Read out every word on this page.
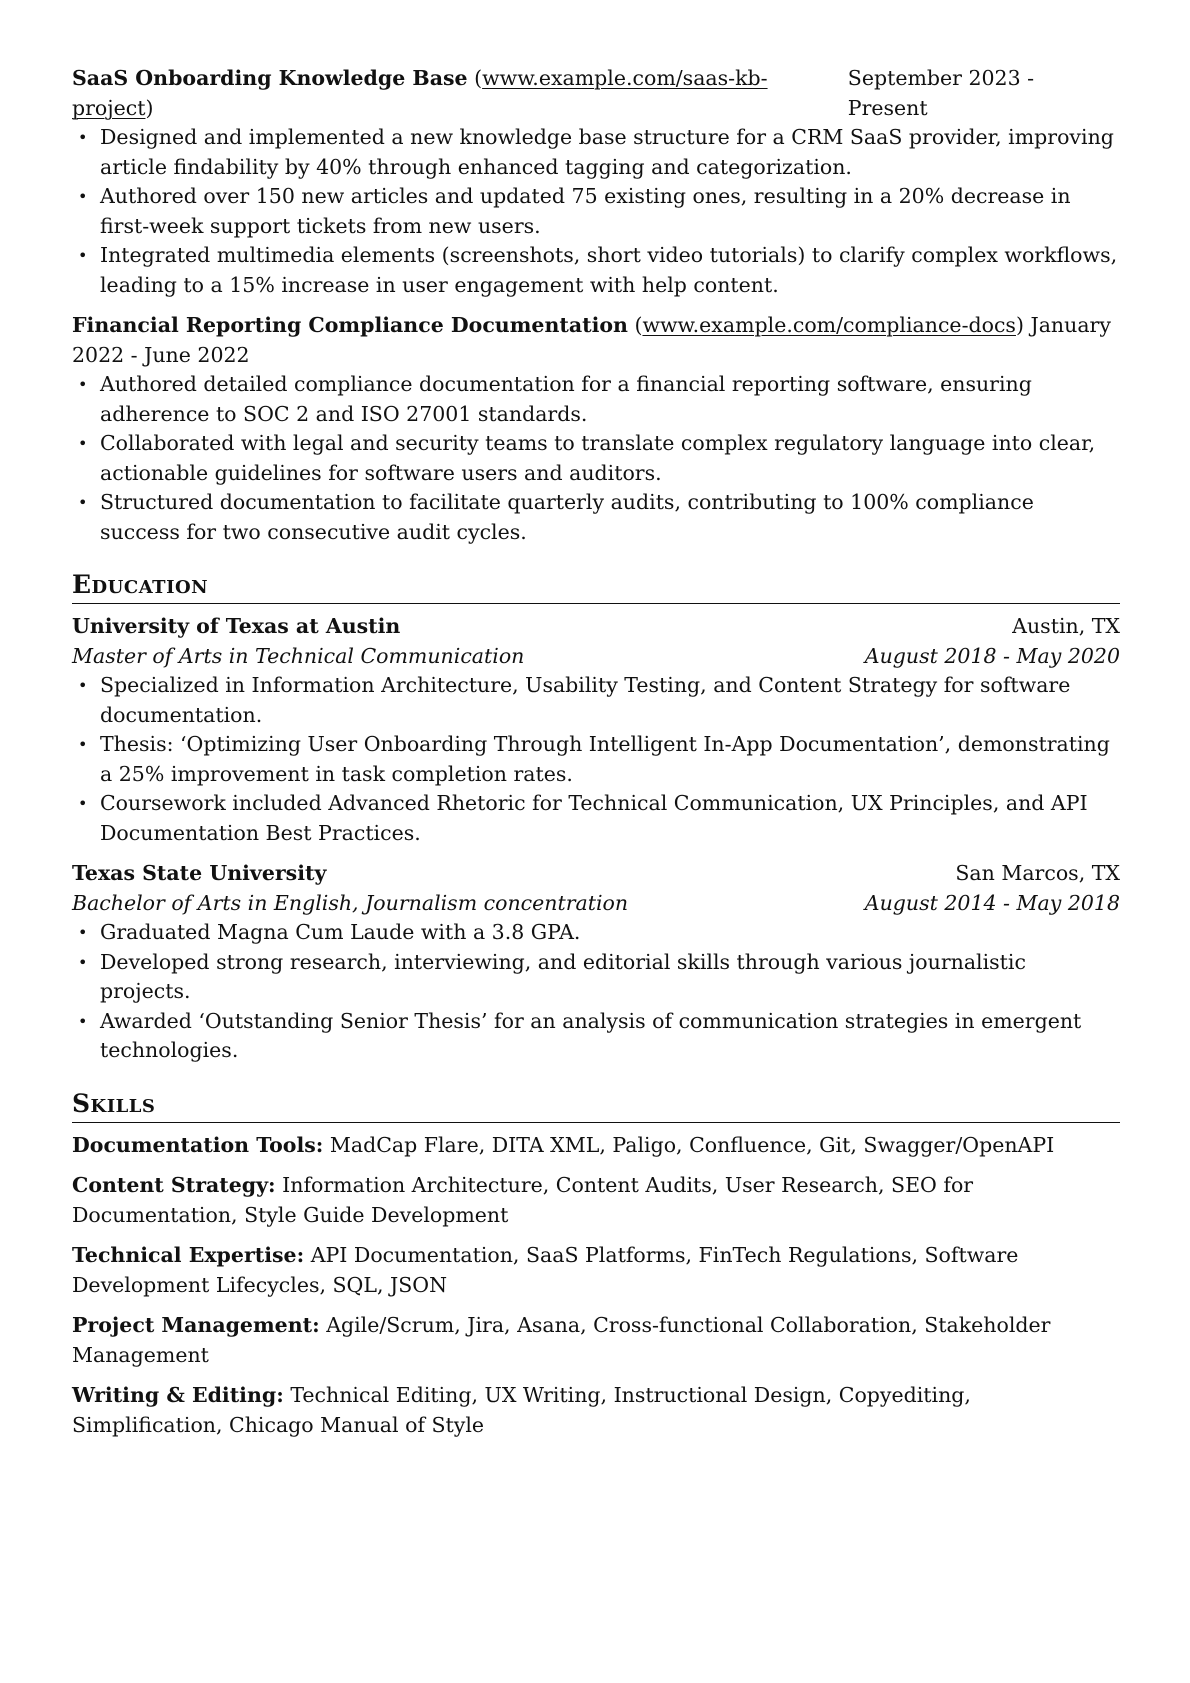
SaaS Onboarding Knowledge Base (www.example.com/saas-kb-project)
September 2023 - Present
• Designed and implemented a new knowledge base structure for a CRM SaaS provider, improving article findability by 40% through enhanced tagging and categorization.
• Authored over 150 new articles and updated 75 existing ones, resulting in a 20% decrease in first-week support tickets from new users.
• Integrated multimedia elements (screenshots, short video tutorials) to clarify complex workflows, leading to a 15% increase in user engagement with help content.
Financial Reporting Compliance Documentation (www.example.com/compliance-docs) January 2022 - June 2022
• Authored detailed compliance documentation for a financial reporting software, ensuring adherence to SOC 2 and ISO 27001 standards.
• Collaborated with legal and security teams to translate complex regulatory language into clear, actionable guidelines for software users and auditors.
• Structured documentation to facilitate quarterly audits, contributing to 100% compliance success for two consecutive audit cycles.
Education
University of Texas at Austin	Austin, TX
Master of Arts in Technical Communication	August 2018 - May 2020
• Specialized in Information Architecture, Usability Testing, and Content Strategy for software documentation.
• Thesis: ‘Optimizing User Onboarding Through Intelligent In-App Documentation’, demonstrating a 25% improvement in task completion rates.
• Coursework included Advanced Rhetoric for Technical Communication, UX Principles, and API Documentation Best Practices.
Texas State University	San Marcos, TX
Bachelor of Arts in English, Journalism concentration	August 2014 - May 2018
• Graduated Magna Cum Laude with a 3.8 GPA.
• Developed strong research, interviewing, and editorial skills through various journalistic projects.
• Awarded ‘Outstanding Senior Thesis’ for an analysis of communication strategies in emergent technologies.
Skills
Documentation Tools: MadCap Flare, DITA XML, Paligo, Confluence, Git, Swagger/OpenAPI
Content Strategy: Information Architecture, Content Audits, User Research, SEO for Documentation, Style Guide Development
Technical Expertise: API Documentation, SaaS Platforms, FinTech Regulations, Software Development Lifecycles, SQL, JSON
Project Management: Agile/Scrum, Jira, Asana, Cross-functional Collaboration, Stakeholder Management
Writing & Editing: Technical Editing, UX Writing, Instructional Design, Copyediting, Simplification, Chicago Manual of Style
